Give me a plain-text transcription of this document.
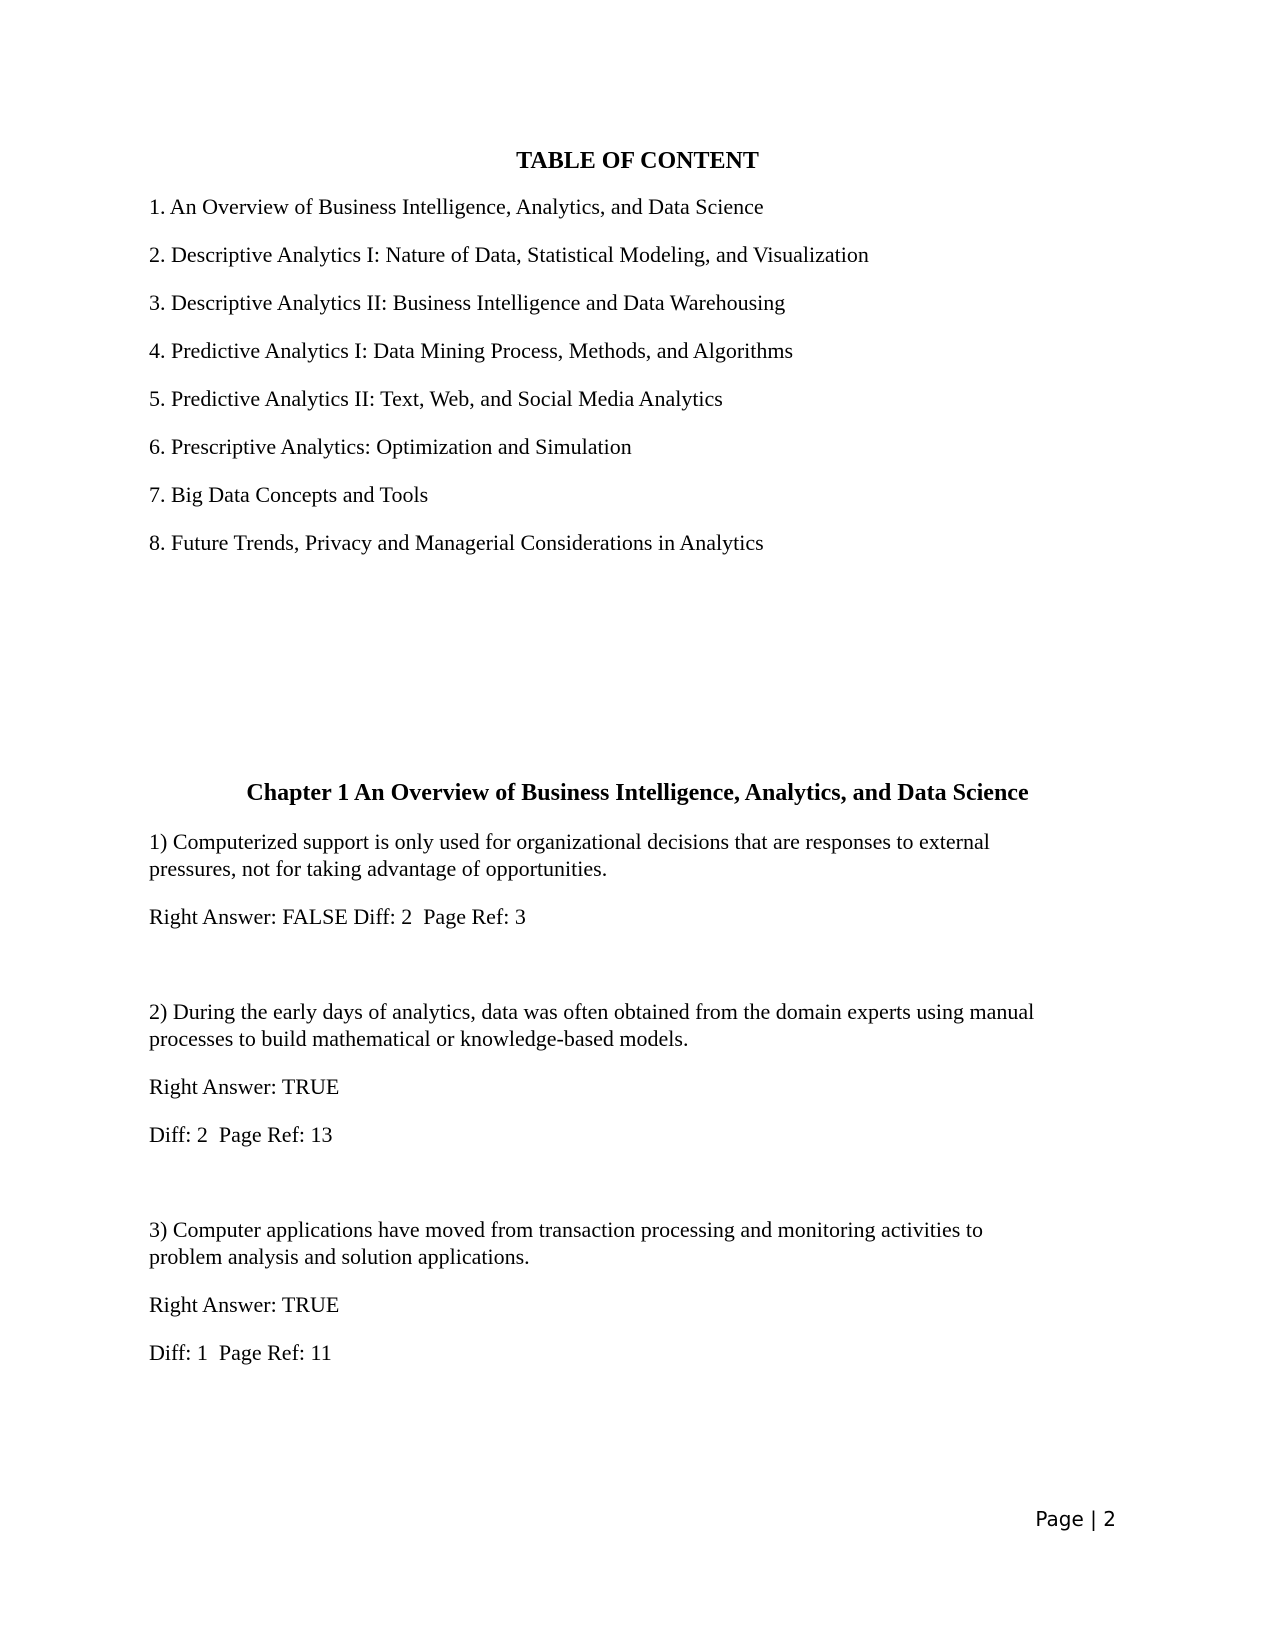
TABLE OF CONTENT
1. An Overview of Business Intelligence, Analytics, and Data Science
2. Descriptive Analytics I: Nature of Data, Statistical Modeling, and Visualization
3. Descriptive Analytics II: Business Intelligence and Data Warehousing
4. Predictive Analytics I: Data Mining Process, Methods, and Algorithms
5. Predictive Analytics II: Text, Web, and Social Media Analytics
6. Prescriptive Analytics: Optimization and Simulation
7. Big Data Concepts and Tools
8. Future Trends, Privacy and Managerial Considerations in Analytics
Chapter 1 An Overview of Business Intelligence, Analytics, and Data Science

1) Computerized support is only used for organizational decisions that are responses to external

pressures, not for taking advantage of opportunities.

Right Answer: FALSE Diff: 2  Page Ref: 3

2) During the early days of analytics, data was often obtained from the domain experts using manual

processes to build mathematical or knowledge-based models.

Right Answer: TRUE

Diff: 2  Page Ref: 13

3) Computer applications have moved from transaction processing and monitoring activities to

problem analysis and solution applications.

Right Answer: TRUE

Diff: 1  Page Ref: 11

Page | 2
